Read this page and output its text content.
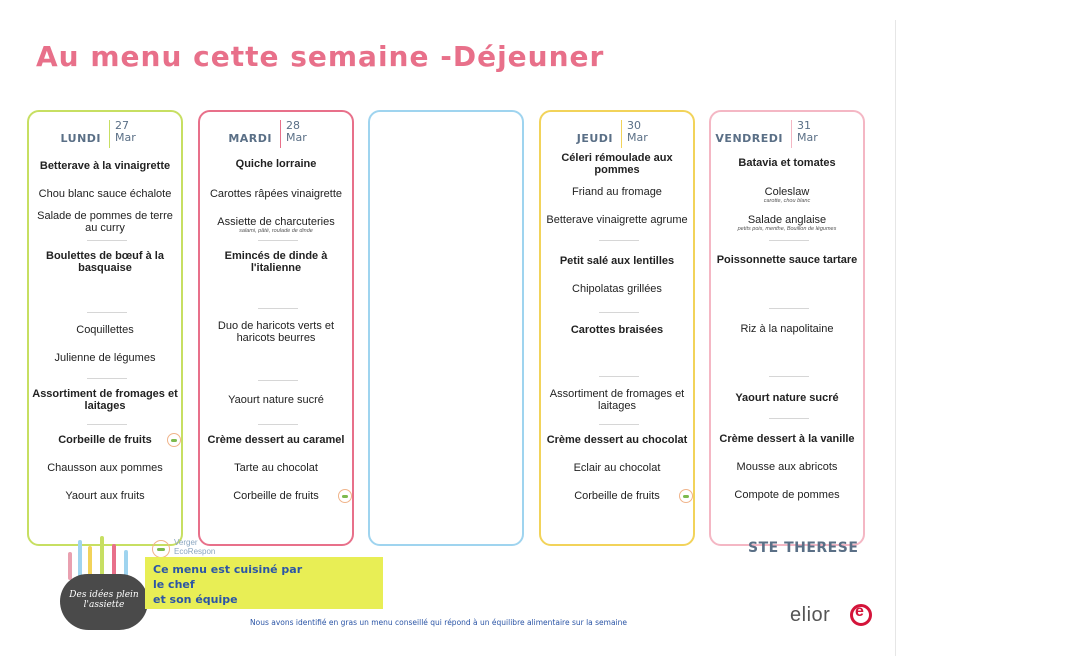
Au menu cette semaine -Déjeuner
LUNDI
27
Mar
Betterave à la vinaigrette
Chou blanc sauce échalote
Salade de pommes de terre au curry
Boulettes de bœuf à la basquaise
Coquillettes
Julienne de légumes
Assortiment de fromages et laitages
Corbeille de fruits
Chausson aux pommes
Yaourt aux fruits
MARDI
28
Mar
Quiche lorraine
Carottes râpées vinaigrette
Assiette de charcuteries
salami, pâté, roulade de dinde
Emincés de dinde à l'italienne
Duo de haricots verts et haricots beurres
Yaourt nature sucré
Crème dessert au caramel
Tarte au chocolat
Corbeille de fruits
JEUDI
30
Mar
Céleri rémoulade aux pommes
Friand au fromage
Betterave vinaigrette agrume
Petit salé aux lentilles
Chipolatas grillées
Carottes braisées
Assortiment de fromages et laitages
Crème dessert au chocolat
Eclair au chocolat
Corbeille de fruits
VENDREDI
31
Mar
Batavia et tomates
Coleslaw
carotte, chou blanc
Salade anglaise
petits pois, menthe, Bouillon de légumes
Poissonnette sauce tartare
Riz à la napolitaine
Yaourt nature sucré
Crème dessert à la vanille
Mousse aux abricots
Compote de pommes
STE THERESE
Verger
EcoRespon
Des idées plein l'assiette
Ce menu est cuisiné par
le chef
et son équipe
Nous avons identifié en gras un menu conseillé qui répond à un équilibre alimentaire sur la semaine	elior
e
